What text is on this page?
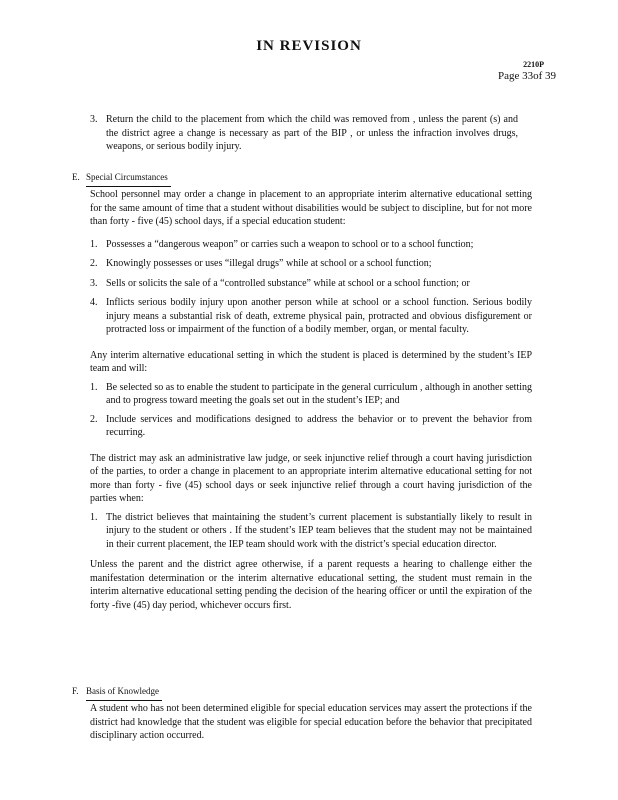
IN REVISION
2210P
Page 33of 39

3. Return the child to the placement from which the child was removed from , unless the parent (s) and the district agree a change is necessary as part of the BIP , or unless the infraction involves drugs, weapons, or serious bodily injury.

E. Special Circumstances

School personnel may order a change in placement to an appropriate interim alternative educational setting for the same amount of time that a student without disabilities would be subject to discipline, but for not more than forty - five (45) school days, if a special education student:

1. Possesses a “dangerous weapon” or carries such a weapon to school or to a school function;

2. Knowingly possesses or uses “illegal drugs” while at school or a school function;

3. Sells or solicits the sale of a “controlled substance” while at school or a school function; or

4. Inflicts serious bodily injury upon another person while at school or a school function. Serious bodily injury means a substantial risk of death, extreme physical pain, protracted and obvious disfigurement or protracted loss or impairment of the function of a bodily member, organ, or mental faculty.

Any interim alternative educational setting in which the student is placed is determined by the student’s IEP team and will:

1. Be selected so as to enable the student to participate in the general curriculum , although in another setting and to progress toward meeting the goals set out in the student’s IEP; and

2. Include services and modifications designed to address the behavior or to prevent the behavior from recurring.

The district may ask an administrative law judge, or seek injunctive relief through a court having jurisdiction of the parties, to order a change in placement to an appropriate interim alternative educational setting for not more than forty - five (45) school days or seek injunctive relief through a court having jurisdiction of the parties when:

1. The district believes that maintaining the student’s current placement is substantially likely to result in injury to the student or others . If the student’s IEP team believes that the student may not be maintained in their current placement, the IEP team should work with the district’s special education director.

Unless the parent and the district agree otherwise, if a parent requests a hearing to challenge either the manifestation determination or the interim alternative educational setting, the student must remain in the interim alternative educational setting pending the decision of the hearing officer or until the expiration of the forty -five (45) day period, whichever occurs first.

F. Basis of Knowledge

A student who has not been determined eligible for special education services may assert the protections if the district had knowledge that the student was eligible for special education before the behavior that precipitated disciplinary action occurred.
